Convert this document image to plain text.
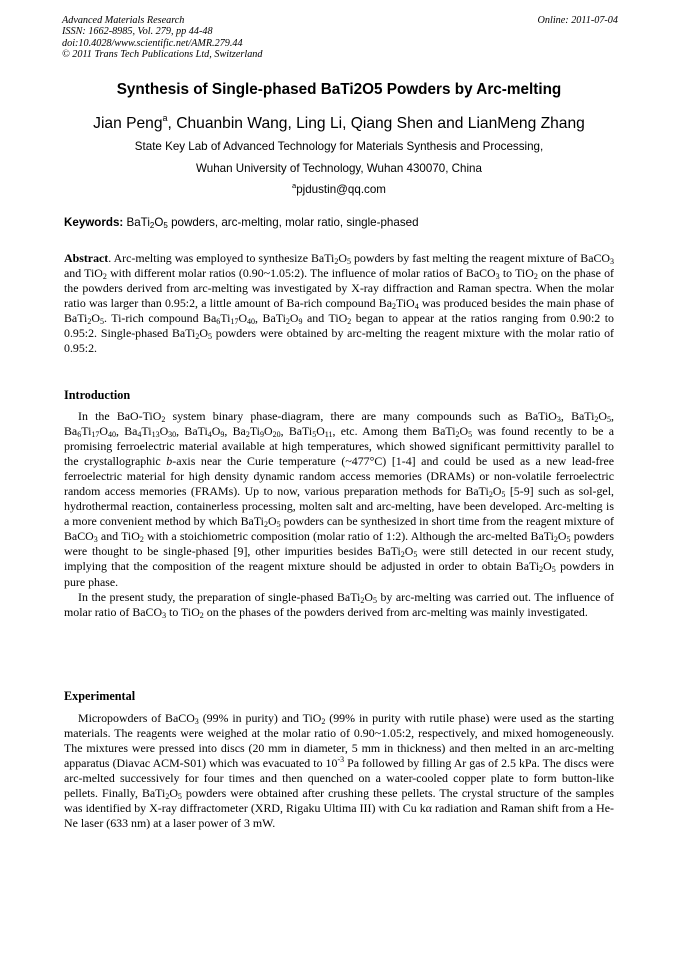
Advanced Materials Research
ISSN: 1662-8985, Vol. 279, pp 44-48
doi:10.4028/www.scientific.net/AMR.279.44
© 2011 Trans Tech Publications Ltd, Switzerland
Online: 2011-07-04
Synthesis of Single-phased BaTi2O5 Powders by Arc-melting
Jian Peng$^a$, Chuanbin Wang, Ling Li, Qiang Shen and LianMeng Zhang
State Key Lab of Advanced Technology for Materials Synthesis and Processing,
Wuhan University of Technology, Wuhan 430070, China
$^a$pjdustin@qq.com
Keywords: $BaTi_2O_5$ powders, arc-melting, molar ratio, single-phased

Abstract. Arc-melting was employed to synthesize $BaTi_2O_5$ powders by fast melting the reagent mixture of BaCO$_3$ and TiO$_2$ with different molar ratios (0.90~1.05:2). The influence of molar ratios of BaCO$_3$ to TiO$_2$ on the phase of the powders derived from arc-melting was investigated by X-ray diffraction and Raman spectra. When the molar ratio was larger than 0.95:2, a little amount of Ba-rich compound $Ba_2TiO_4$ was produced besides the main phase of $BaTi_2O_5$. Ti-rich compound $Ba_6Ti_{17}O_{40}$, $BaTi_2O_9$ and TiO$_2$ began to appear at the ratios ranging from 0.90:2 to 0.95:2. Single-phased $BaTi_2O_5$ powders were obtained by arc-melting the reagent mixture with the molar ratio of 0.95:2.

Introduction

In the BaO-TiO$_2$ system binary phase-diagram, there are many compounds such as BaTiO$_3$, $BaTi_2O_5$, $Ba_6Ti_{17}O_{40}$, $Ba_4Ti_{13}O_{30}$, $BaTi_4O_9$, $Ba_2Ti_9O_{20}$, $BaTi_5O_{11}$, etc. Among them $BaTi_2O_5$ was found recently to be a promising ferroelectric material available at high temperatures, which showed significant permittivity parallel to the crystallographic b-axis near the Curie temperature (~477°C) [1-4] and could be used as a new lead-free ferroelectric material for high density dynamic random access memories (DRAMs) or non-volatile ferroelectric random access memories (FRAMs). Up to now, various preparation methods for $BaTi_2O_5$ [5-9] such as sol-gel, hydrothermal reaction, containerless processing, molten salt and arc-melting, have been developed. Arc-melting is a more convenient method by which $BaTi_2O_5$ powders can be synthesized in short time from the reagent mixture of BaCO$_3$ and TiO$_2$ with a stoichiometric composition (molar ratio of 1:2). Although the arc-melted $BaTi_2O_5$ powders were thought to be single-phased [9], other impurities besides $BaTi_2O_5$ were still detected in our recent study, implying that the composition of the reagent mixture should be adjusted in order to obtain $BaTi_2O_5$ powders in pure phase.

In the present study, the preparation of single-phased $BaTi_2O_5$ by arc-melting was carried out. The influence of molar ratio of BaCO$_3$ to TiO$_2$ on the phases of the powders derived from arc-melting was mainly investigated.

Experimental

Micropowders of BaCO$_3$ (99% in purity) and TiO$_2$ (99% in purity with rutile phase) were used as the starting materials. The reagents were weighed at the molar ratio of 0.90~1.05:2, respectively, and mixed homogeneously. The mixtures were pressed into discs (20 mm in diameter, 5 mm in thickness) and then melted in an arc-melting apparatus (Diavac ACM-S01) which was evacuated to $10^{-3}$ Pa followed by filling Ar gas of 2.5 kPa. The discs were arc-melted successively for four times and then quenched on a water-cooled copper plate to form button-like pellets. Finally, $BaTi_2O_5$ powders were obtained after crushing these pellets. The crystal structure of the samples was identified by X-ray diffractometer (XRD, Rigaku Ultima III) with Cu kα radiation and Raman shift from a He-Ne laser (633 nm) at a laser power of 3 mW.
